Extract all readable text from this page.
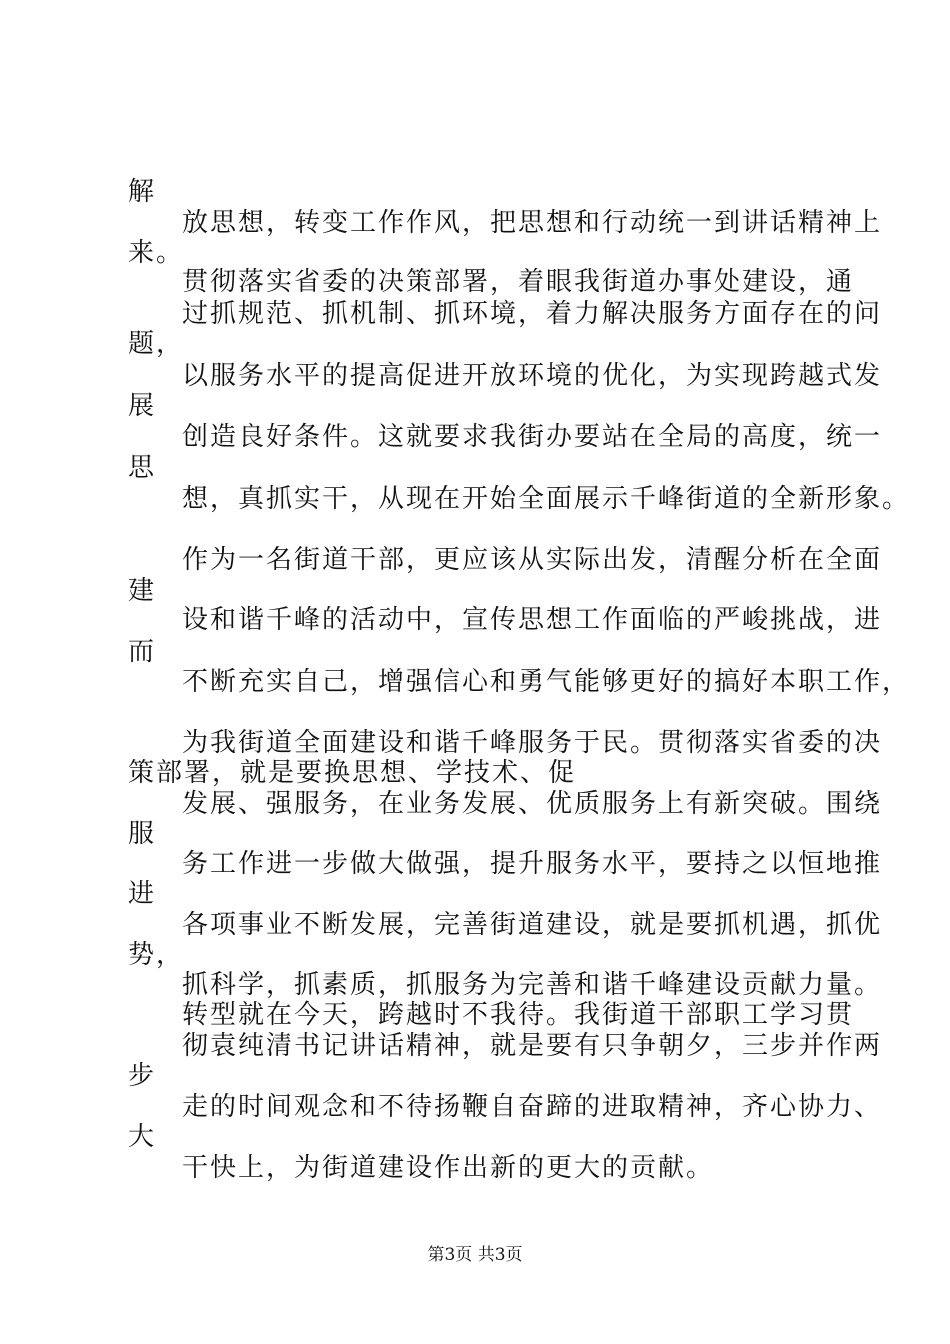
解
放思想，转变工作作风，把思想和行动统一到讲话精神上
来。
贯彻落实省委的决策部署，着眼我街道办事处建设，通
过抓规范、抓机制、抓环境，着力解决服务方面存在的问
题，
以服务水平的提高促进开放环境的优化，为实现跨越式发
展
创造良好条件。这就要求我街办要站在全局的高度，统一
思
想，真抓实干，从现在开始全面展示千峰街道的全新形象。
作为一名街道干部，更应该从实际出发，清醒分析在全面
建
设和谐千峰的活动中，宣传思想工作面临的严峻挑战，进
而
不断充实自己，增强信心和勇气能够更好的搞好本职工作，
为我街道全面建设和谐千峰服务于民。贯彻落实省委的决
策部署，就是要换思想、学技术、促
发展、强服务，在业务发展、优质服务上有新突破。围绕
服
务工作进一步做大做强，提升服务水平，要持之以恒地推
进
各项事业不断发展，完善街道建设，就是要抓机遇，抓优
势，
抓科学，抓素质，抓服务为完善和谐千峰建设贡献力量。
转型就在今天，跨越时不我待。我街道干部职工学习贯
彻袁纯清书记讲话精神，就是要有只争朝夕，三步并作两
步
走的时间观念和不待扬鞭自奋蹄的进取精神，齐心协力、
大
干快上，为街道建设作出新的更大的贡献。
第3页 共3页
